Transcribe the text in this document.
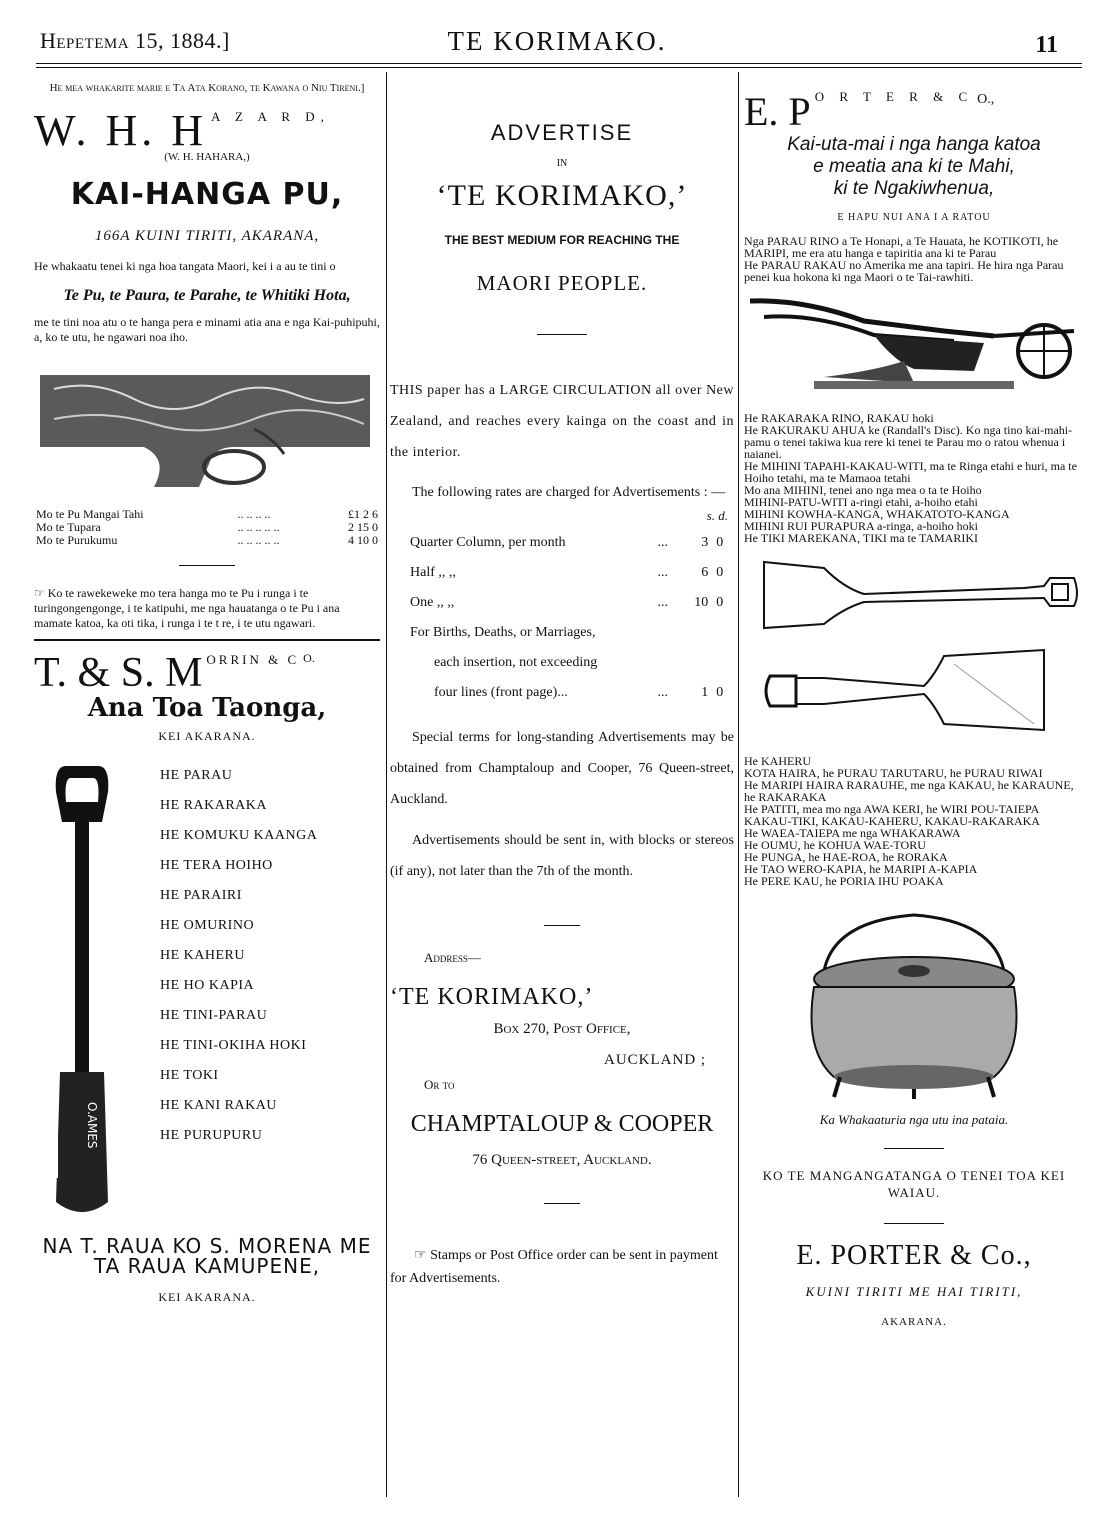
Hepetema 15, 1884.]	TE KORIMAKO.	11
He mea whakarite marie e Ta Ata Korano, te Kawana o Niu Tireni.]
W. H. H $^{A Z A R D,}$
(W. H. HAHARA,)
KAI-HANGA PU,
166A KUINI TIRITI, AKARANA,
He whakaatu tenei ki nga hoa tangata Maori, kei i a au te tini o
Te Pu, te Paura, te Parahe, te Whitiki Hota,
me te tini noa atu o te hanga pera e minami atia ana e nga Kai-puhipuhi, a, ko te utu, he ngawari noa iho.
Mo te Pu Mangai Tahi	.. .. .. ..	£1 2 6
Mo te Tupara	.. .. .. .. ..	2 15 0
Mo te Purukumu	.. .. .. .. ..	4 10 0
☞ Ko te rawekeweke mo tera hanga mo te Pu i runga i te turingongengonge, i te katipuhi, me nga hauatanga o te Pu i ana mamate katoa, ka oti tika, i runga i te t re, i te utu ngawari.
T. & S. M $^{ORRIN \& C}$ $^{O.}$
Ana Toa Taonga,
KEI AKARANA.
O.AMES
HE PARAU
HE RAKARAKA
HE KOMUKU KAANGA
HE TERA HOIHO
HE PARAIRI
HE OMURINO
HE KAHERU
HE HO KAPIA
HE TINI-PARAU
HE TINI-OKIHA HOKI
HE TOKI
HE KANI RAKAU
HE PURUPURU
NA T. RAUA KO S. MORENA ME TA RAUA KAMUPENE,
KEI AKARANA.
ADVERTISE
IN
‘TE KORIMAKO,’
THE BEST MEDIUM FOR REACHING THE
MAORI PEOPLE.
THIS paper has a LARGE CIRCULATION all over New Zealand, and reaches every kainga on the coast and in the interior.
The following rates are charged for Advertisements : —
s. d.
Quarter Column, per month	...	3	0
Half ,, ,,	...	6	0
One ,, ,,	...	10	0
For Births, Deaths, or Marriages,			
each insertion, not exceeding			
four lines (front page)...	...	1	0
Special terms for long-standing Advertisements may be obtained from Champtaloup and Cooper, 76 Queen-street, Auckland.
Advertisements should be sent in, with blocks or stereos (if any), not later than the 7th of the month.
Address—
‘TE KORIMAKO,’
Box 270, Post Office,
AUCKLAND ;
Or to
CHAMPTALOUP & COOPER
76 Queen-street, Auckland.
☞ Stamps or Post Office order can be sent in payment for Advertisements.
E. P $^{O R T E R \& C}$ O.,
Kai-uta-mai i nga hanga katoa
e meatia ana ki te Mahi,
ki te Ngakiwhenua,
E HAPU NUI ANA I A RATOU

Nga PARAU RINO a Te Honapi, a Te Hauata, he KOTIKOTI, he MARIPI, me era atu hanga e tapiritia ana ki te Parau

He PARAU RAKAU no Amerika me ana tapiri. He hira nga Parau penei kua hokona ki nga Maori o te Tai-rawhiti.

He RAKARAKA RINO, RAKAU hoki

He RAKURAKU AHUA ke (Randall's Disc). Ko nga tino kai-mahi-pamu o tenei takiwa kua rere ki tenei te Parau mo o ratou whenua i naianei.

He MIHINI TAPAHI-KAKAU-WITI, ma te Ringa etahi e huri, ma te Hoiho tetahi, ma te Mamaoa tetahi

Mo ana MIHINI, tenei ano nga mea o ta te Hoiho

MIHINI-PATU-WITI a-ringi etahi, a-hoiho etahi

MIHINI KOWHA-KANGA, WHAKATOTO-KANGA

MIHINI RUI PURAPURA a-ringa, a-hoiho hoki

He TIKI MAREKANA, TIKI ma te TAMARIKI

He KAHERU

KOTA HAIRA, he PURAU TARUTARU, he PURAU RIWAI

He MARIPI HAIRA RARAUHE, me nga KAKAU, he KARAUNE, he RAKARAKA

He PATITI, mea mo nga AWA KERI, he WIRI POU-TAIEPA

KAKAU-TIKI, KAKAU-KAHERU, KAKAU-RAKARAKA

He WAEA-TAIEPA me nga WHAKARAWA

He OUMU, he KOHUA WAE-TORU

He PUNGA, he HAE-ROA, he RORAKA

He TAO WERO-KAPIA, he MARIPI A-KAPIA

He PERE KAU, he PORIA IHU POAKA

Ka Whakaaturia nga utu ina pataia.
KO TE MANGANGATANGA O TENEI TOA KEI WAIAU.
E. PORTER & Co.,
KUINI TIRITI ME HAI TIRITI,
AKARANA.
